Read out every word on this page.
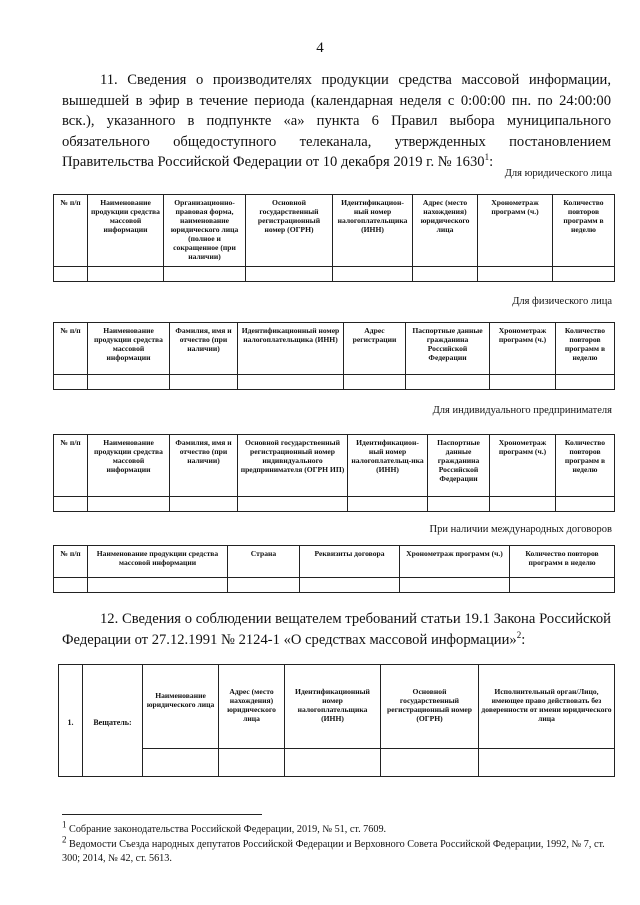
4
11. Сведения о производителях продукции средства массовой информации, вышедшей в эфир в течение периода (календарная неделя с 0:00:00 пн. по 24:00:00 вск.), указанного в подпункте «а» пункта 6 Правил выбора муниципального обязательного общедоступного телеканала, утвержденных постановлением Правительства Российской Федерации от 10 декабря 2019 г. № 1630$^1$:
Для юридического лица
№ п/п	Наименование продукции средства массовой информации	Организационно-правовая форма, наименование юридического лица (полное и сокращенное (при наличии)	Основной государственный регистрационный номер (ОГРН)	Идентификацион-ный номер налогоплательщика (ИНН)	Адрес (место нахождения) юридического лица	Хронометраж программ (ч.)	Количество повторов программ в неделю

Для физического лица
№ п/п	Наименование продукции средства массовой информации	Фамилия, имя и отчество (при наличии)	Идентификационный номер налогоплательщика (ИНН)	Адрес регистрации	Паспортные данные гражданина Российской Федерации	Хронометраж программ (ч.)	Количество повторов программ в неделю

Для индивидуального предпринимателя
№ п/п	Наименование продукции средства массовой информации	Фамилия, имя и отчество (при наличии)	Основной государственный регистрационный номер индивидуального предпринимателя (ОГРН ИП)	Идентификацион-ный номер налогоплательщ-ика (ИНН)	Паспортные данные гражданина Российской Федерации	Хронометраж программ (ч.)	Количество повторов программ в неделю

При наличии международных договоров
№ п/п	Наименование продукции средства массовой информации	Страна	Реквизиты договора	Хронометраж программ (ч.)	Количество повторов программ в неделю

12. Сведения о соблюдении вещателем требований статьи 19.1 Закона Российской Федерации от 27.12.1991 № 2124-1 «О средствах массовой информации»$^2$:
1.	Вещатель:	Наименование юридического лица	Адрес (место нахождения) юридического лица	Идентификационный номер налогоплательщика (ИНН)	Основной государственный регистрационный номер (ОГРН)	Исполнительный орган/Лицо, имеющее право действовать без доверенности от имени юридического лица

$^1$ Собрание законодательства Российской Федерации, 2019, № 51, ст. 7609.
$^2$ Ведомости Съезда народных депутатов Российской Федерации и Верховного Совета Российской Федерации, 1992, № 7, ст. 300; 2014, № 42, ст. 5613.
